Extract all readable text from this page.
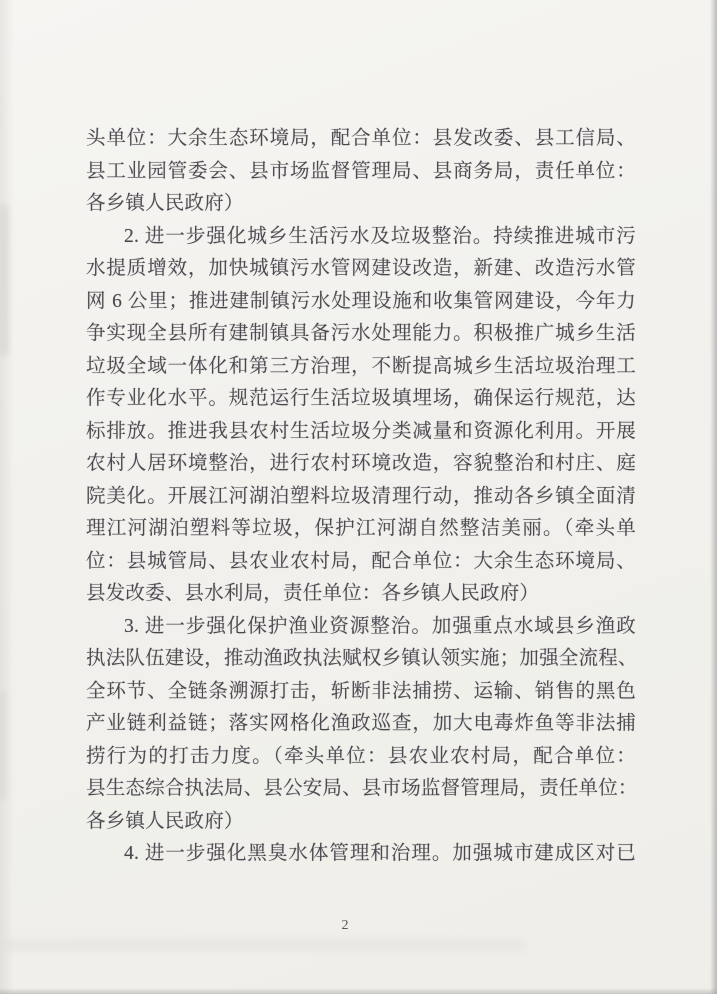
头单位：大余生态环境局，配合单位：县发改委、县工信局、
县工业园管委会、县市场监督管理局、县商务局，责任单位：
各乡镇人民政府）
2. 进一步强化城乡生活污水及垃圾整治。持续推进城市污
水提质增效，加快城镇污水管网建设改造，新建、改造污水管
网 6 公里；推进建制镇污水处理设施和收集管网建设，今年力
争实现全县所有建制镇具备污水处理能力。积极推广城乡生活
垃圾全域一体化和第三方治理，不断提高城乡生活垃圾治理工
作专业化水平。规范运行生活垃圾填埋场，确保运行规范，达
标排放。推进我县农村生活垃圾分类减量和资源化利用。开展
农村人居环境整治，进行农村环境改造，容貌整治和村庄、庭
院美化。开展江河湖泊塑料垃圾清理行动，推动各乡镇全面清
理江河湖泊塑料等垃圾，保护江河湖自然整洁美丽。（牵头单
位：县城管局、县农业农村局，配合单位：大余生态环境局、
县发改委、县水利局，责任单位：各乡镇人民政府）
3. 进一步强化保护渔业资源整治。加强重点水域县乡渔政
执法队伍建设，推动渔政执法赋权乡镇认领实施；加强全流程、
全环节、全链条溯源打击，斩断非法捕捞、运输、销售的黑色
产业链利益链；落实网格化渔政巡查，加大电毒炸鱼等非法捕
捞行为的打击力度。（牵头单位：县农业农村局，配合单位：
县生态综合执法局、县公安局、县市场监督管理局，责任单位：
各乡镇人民政府）
4. 进一步强化黑臭水体管理和治理。加强城市建成区对已
2
